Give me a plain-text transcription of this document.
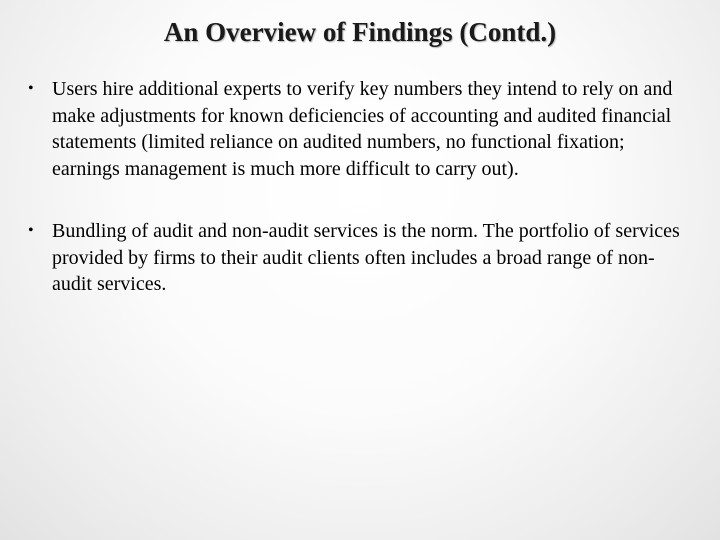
An Overview of Findings (Contd.)
• Users hire additional experts to verify key numbers they intend to rely on and make adjustments for known deficiencies of accounting and audited financial statements (limited reliance on audited numbers, no functional fixation; earnings management is much more difficult to carry out).
• Bundling of audit and non-audit services is the norm. The portfolio of services provided by firms to their audit clients often includes a broad range of non-audit services.
